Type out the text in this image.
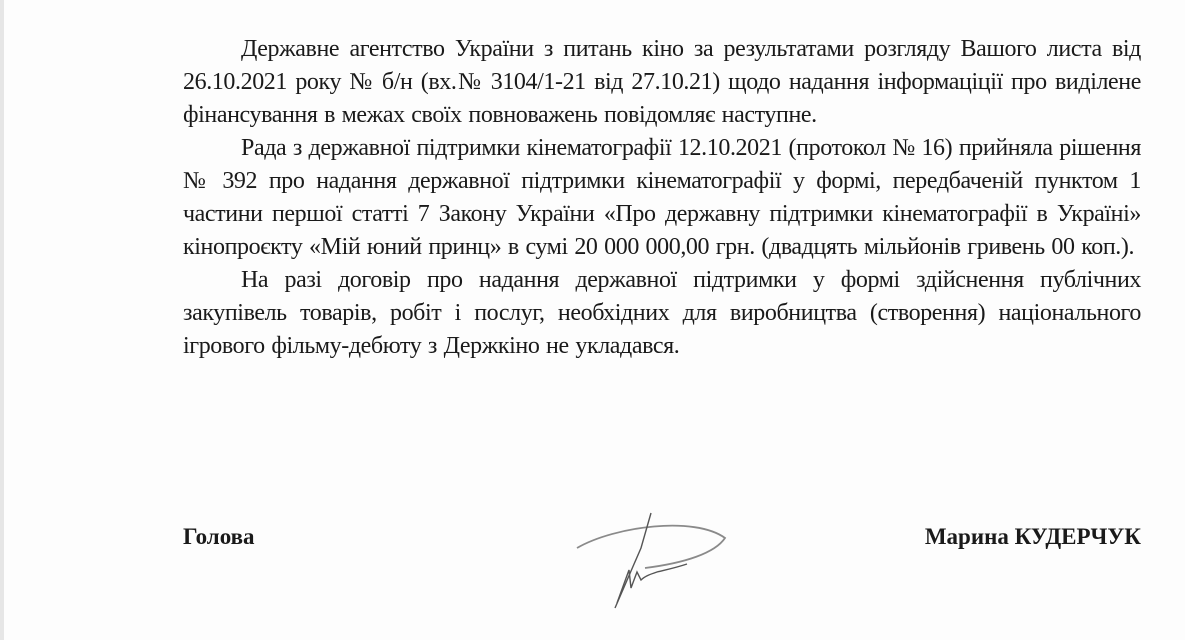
Державне агентство України з питань кіно за результатами розгляду Вашого листа від 26.10.2021 року № б/н (вх.№ 3104/1-21 від 27.10.21) щодо надання інформаціції про виділене фінансування в межах своїх повноважень повідомляє наступне.

Рада з державної підтримки кінематографії 12.10.2021 (протокол № 16) прийняла рішення № 392 про надання державної підтримки кінематографії у формі, передбаченій пунктом 1 частини першої статті 7 Закону України «Про державну підтримки кінематографії в Україні» кінопроєкту «Мій юний принц» в сумі 20 000 000,00 грн. (двадцять мільйонів гривень 00 коп.).

На разі договір про надання державної підтримки у формі здійснення публічних закупівель товарів, робіт і послуг, необхідних для виробництва (створення) національного ігрового фільму-дебюту з Держкіно не укладався.

Голова	Марина КУДЕРЧУК
